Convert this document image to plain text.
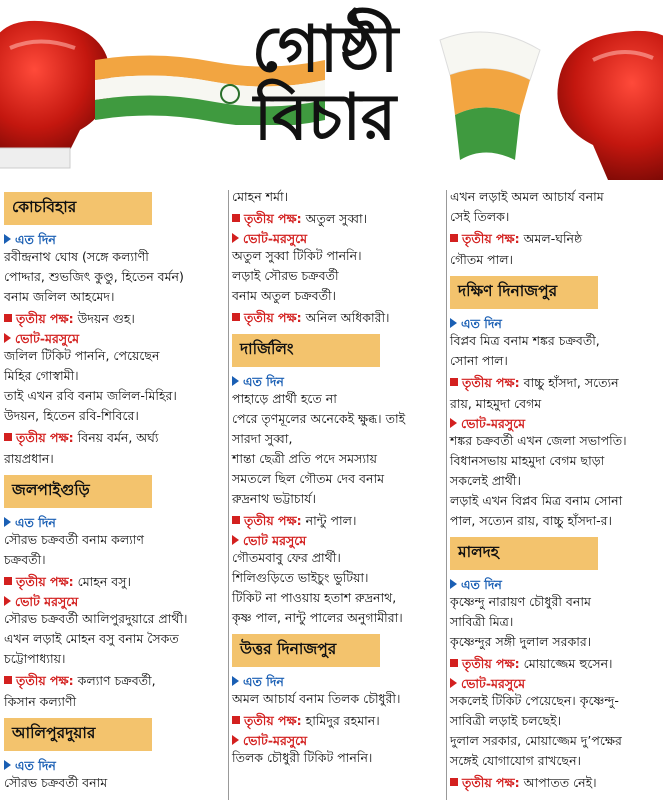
গোষ্ঠী
বিচার
কোচবিহার
এত দিন
রবীন্দ্রনাথ ঘোষ (সঙ্গে কল্যাণী
পোদ্দার, শুভজিৎ কুণ্ডু, হিতেন বর্মন)
বনাম জলিল আহমেদ।
তৃতীয় পক্ষ: উদয়ন গুহ।
ভোট-মরসুমে
জলিল টিকিট পাননি, পেয়েছেন
মিহির গোস্বামী।
তাই এখন রবি বনাম জলিল-মিহির।
উদয়ন, হিতেন রবি-শিবিরে।
তৃতীয় পক্ষ: বিনয় বর্মন, অর্ঘ্য
রায়প্রধান।
জলপাইগুড়ি
এত দিন
সৌরভ চক্রবর্তী বনাম কল্যাণ
চক্রবর্তী।
তৃতীয় পক্ষ: মোহন বসু।
ভোট মরসুমে
সৌরভ চক্রবর্তী আলিপুরদুয়ারে প্রার্থী।
এখন লড়াই মোহন বসু বনাম সৈকত
চট্টোপাধ্যায়।
তৃতীয় পক্ষ: কল্যাণ চক্রবর্তী,
কিসান কল্যাণী
আলিপুরদুয়ার
এত দিন
সৌরভ চক্রবর্তী বনাম
মোহন শর্মা।
তৃতীয় পক্ষ: অতুল সুব্বা।
ভোট-মরসুমে
অতুল সুব্বা টিকিট পাননি।
লড়াই সৌরভ চক্রবর্তী
বনাম অতুল চক্রবর্তী।
তৃতীয় পক্ষ: অনিল অধিকারী।
দার্জিলিং
এত দিন
পাহাড়ে প্রার্থী হতে না
পেরে তৃণমূলের অনেকেই ক্ষুব্ধ। তাই
সারদা সুব্বা,
শান্তা ছেত্রী প্রতি পদে সমস্যায়
সমতলে ছিল গৌতম দেব বনাম
রুদ্রনাথ ভট্টাচার্য।
তৃতীয় পক্ষ: নান্টু পাল।
ভোট মরসুমে
গৌতমবাবু ফের প্রার্থী।
শিলিগুড়িতে ভাইচুং ভুটিয়া।
টিকিট না পাওয়ায় হতাশ রুদ্রনাথ,
কৃষ্ণ পাল, নান্টু পালের অনুগামীরা।
উত্তর দিনাজপুর
এত দিন
অমল আচার্য বনাম তিলক চৌধুরী।
তৃতীয় পক্ষ: হামিদুর রহমান।
ভোট-মরসুমে
তিলক চৌধুরী টিকিট পাননি।
এখন লড়াই অমল আচার্য বনাম
সেই তিলক।
তৃতীয় পক্ষ: অমল-ঘনিষ্ঠ
গৌতম পাল।
দক্ষিণ দিনাজপুর
এত দিন
বিপ্লব মিত্র বনাম শঙ্কর চক্রবর্তী,
সোনা পাল।
তৃতীয় পক্ষ: বাচ্চু হাঁসদা, সত্যেন
রায়, মাহমুদা বেগম
ভোট-মরসুমে
শঙ্কর চক্রবর্তী এখন জেলা সভাপতি।
বিধানসভায় মাহমুদা বেগম ছাড়া
সকলেই প্রার্থী।
লড়াই এখন বিপ্লব মিত্র বনাম সোনা
পাল, সত্যেন রায়, বাচ্চু হাঁসদা-র।
মালদহ
এত দিন
কৃষ্ণেন্দু নারায়ণ চৌধুরী বনাম
সাবিত্রী মিত্র।
কৃষ্ণেন্দুর সঙ্গী দুলাল সরকার।
তৃতীয় পক্ষ: মোয়াজ্জেম হুসেন।
ভোট-মরসুমে
সকলেই টিকিট পেয়েছেন। কৃষ্ণেন্দু-
সাবিত্রী লড়াই চলছেই।
দুলাল সরকার, মোয়াজ্জেম দু’পক্ষের
সঙ্গেই যোগাযোগ রাখছেন।
তৃতীয় পক্ষ: আপাতত নেই।
